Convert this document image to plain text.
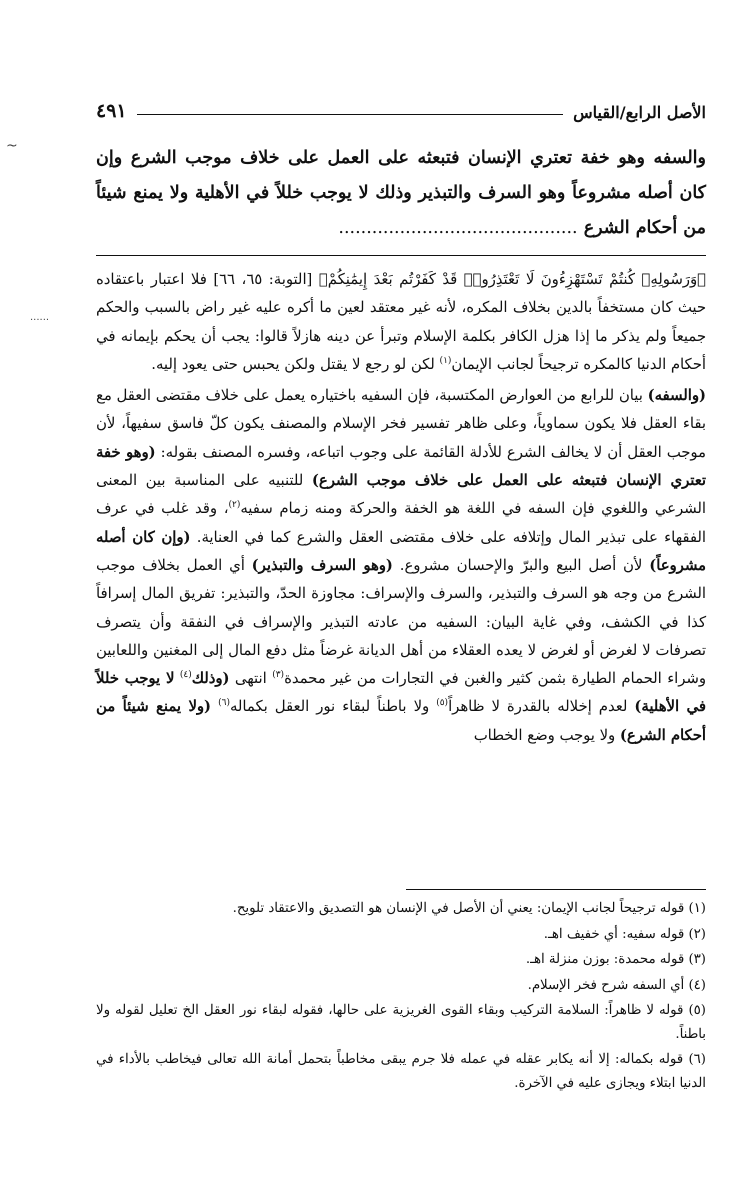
~
......
الأصل الرابع/القياس
٤٩١
والسفه وهو خفة تعتري الإنسان فتبعثه على العمل على خلاف موجب الشرع وإن كان أصله مشروعاً وهو السرف والتبذير وذلك لا يوجب خللاً في الأهلية ولا يمنع شيئاً من أحكام الشرع ...........................................

﴿وَرَسُولِهِۦ كُنتُمْ تَسْتَهْزِءُونَ لَا تَعْتَذِرُوا۟ قَدْ كَفَرْتُم بَعْدَ إِيمَٰنِكُمْ﴾ [التوبة: ٦٥، ٦٦] فلا اعتبار باعتقاده حيث كان مستخفاً بالدين بخلاف المكره، لأنه غير معتقد لعين ما أكره عليه غير راض بالسبب والحكم جميعاً ولم يذكر ما إذا هزل الكافر بكلمة الإسلام وتبرأ عن دينه هازلاً قالوا: يجب أن يحكم بإيمانه في أحكام الدنيا كالمكره ترجيحاً لجانب الإيمان$^{(١)}$ لكن لو رجع لا يقتل ولكن يحبس حتى يعود إليه.

(والسفه) بيان للرابع من العوارض المكتسبة، فإن السفيه باختياره يعمل على خلاف مقتضى العقل مع بقاء العقل فلا يكون سماوياً، وعلى ظاهر تفسير فخر الإسلام والمصنف يكون كلّ فاسق سفيهاً، لأن موجب العقل أن لا يخالف الشرع للأدلة القائمة على وجوب اتباعه، وفسره المصنف بقوله: (وهو خفة تعتري الإنسان فتبعثه على العمل على خلاف موجب الشرع) للتنبيه على المناسبة بين المعنى الشرعي واللغوي فإن السفه في اللغة هو الخفة والحركة ومنه زمام سفيه$^{(٢)}$، وقد غلب في عرف الفقهاء على تبذير المال وإتلافه على خلاف مقتضى العقل والشرع كما في العناية. (وإن كان أصله مشروعاً) لأن أصل البيع والبرّ والإحسان مشروع. (وهو السرف والتبذير) أي العمل بخلاف موجب الشرع من وجه هو السرف والتبذير، والسرف والإسراف: مجاوزة الحدّ، والتبذير: تفريق المال إسرافاً كذا في الكشف، وفي غاية البيان: السفيه من عادته التبذير والإسراف في النفقة وأن يتصرف تصرفات لا لغرض أو لغرض لا يعده العقلاء من أهل الديانة غرضاً مثل دفع المال إلى المغنين واللعابين وشراء الحمام الطيارة بثمن كثير والغبن في التجارات من غير محمدة$^{(٣)}$ انتهى (وذلك$^{(٤)}$ لا يوجب خللاً في الأهلية) لعدم إخلاله بالقدرة لا ظاهراً$^{(٥)}$ ولا باطناً لبقاء نور العقل بكماله$^{(٦)}$ (ولا يمنع شيئاً من أحكام الشرع) ولا يوجب وضع الخطاب

(١) قوله ترجيحاً لجانب الإيمان: يعني أن الأصل في الإنسان هو التصديق والاعتقاد تلويح.

(٢) قوله سفيه: أي خفيف اهـ.

(٣) قوله محمدة: بوزن منزلة اهـ.

(٤) أي السفه شرح فخر الإسلام.

(٥) قوله لا ظاهراً: السلامة التركيب وبقاء القوى الغريزية على حالها، فقوله لبقاء نور العقل الخ تعليل لقوله ولا باطناً.

(٦) قوله بكماله: إلا أنه يكابر عقله في عمله فلا جرم يبقى مخاطباً بتحمل أمانة الله تعالى فيخاطب بالأداء في الدنيا ابتلاء ويجازى عليه في الآخرة.
